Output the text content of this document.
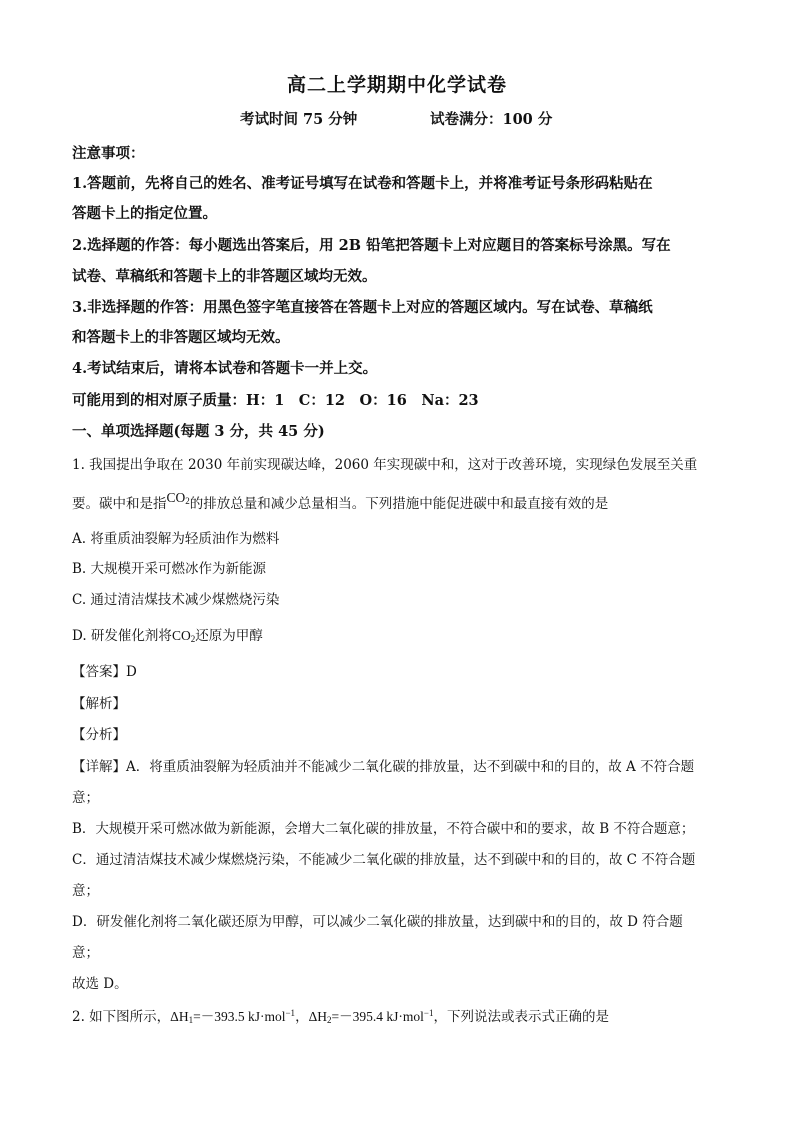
高二上学期期中化学试卷
考试时间 75 分钟	试卷满分：100 分
注意事项：
1.答题前，先将自己的姓名、准考证号填写在试卷和答题卡上，并将准考证号条形码粘贴在
答题卡上的指定位置。
2.选择题的作答：每小题选出答案后，用 2B 铅笔把答题卡上对应题目的答案标号涂黑。写在
试卷、草稿纸和答题卡上的非答题区域均无效。
3.非选择题的作答：用黑色签字笔直接答在答题卡上对应的答题区域内。写在试卷、草稿纸
和答题卡上的非答题区域均无效。
4.考试结束后，请将本试卷和答题卡一并上交。
可能用到的相对原子质量：H：1　C：12　O：16　Na：23
一、单项选择题(每题 3 分，共 45 分)
1. 我国提出争取在 2030 年前实现碳达峰，2060 年实现碳中和，这对于改善环境，实现绿色发展至关重
要。碳中和是指$CO_2$的排放总量和减少总量相当。下列措施中能促进碳中和最直接有效的是
A. 将重质油裂解为轻质油作为燃料
B. 大规模开采可燃冰作为新能源
C. 通过清洁煤技术减少煤燃烧污染
D. 研发催化剂将$CO_2$还原为甲醇
【答案】D
【解析】
【分析】
【详解】A．将重质油裂解为轻质油并不能减少二氧化碳的排放量，达不到碳中和的目的，故 A 不符合题
意；
B．大规模开采可燃冰做为新能源，会增大二氧化碳的排放量，不符合碳中和的要求，故 B 不符合题意；
C．通过清洁煤技术减少煤燃烧污染，不能减少二氧化碳的排放量，达不到碳中和的目的，故 C 不符合题
意；
D．研发催化剂将二氧化碳还原为甲醇，可以减少二氧化碳的排放量，达到碳中和的目的，故 D 符合题
意；
故选 D。
2. 如下图所示，$\Delta H_1=-393.5$ kJ·mol$^{-1}$，$\Delta H_2=-395.4$ kJ·mol$^{-1}$，下列说法或表示式正确的是
